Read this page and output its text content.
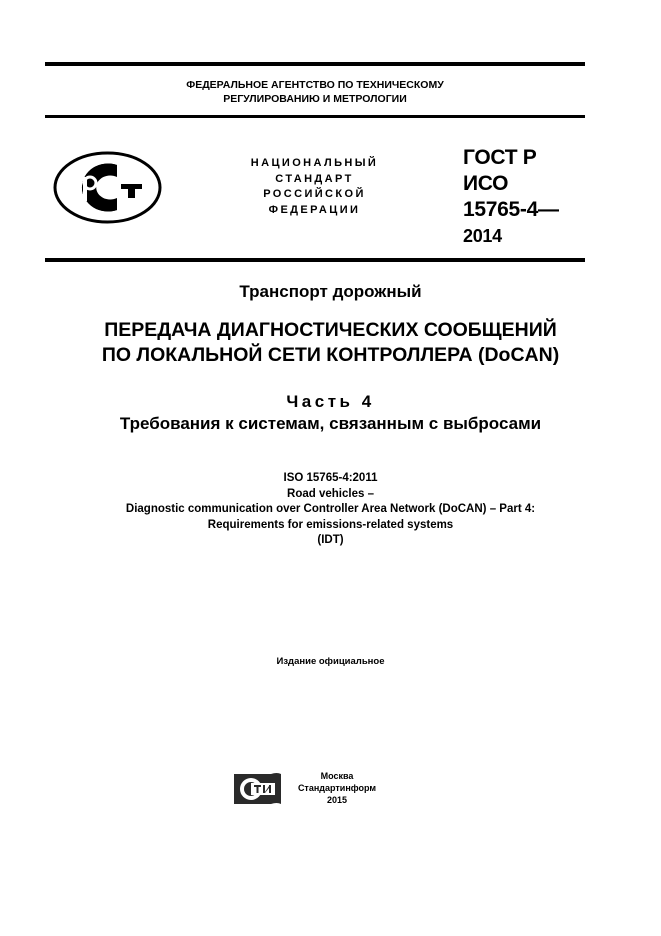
ФЕДЕРАЛЬНОЕ АГЕНТСТВО ПО ТЕХНИЧЕСКОМУ
РЕГУЛИРОВАНИЮ И МЕТРОЛОГИИ
НАЦИОНАЛЬНЫЙ
СТАНДАРТ
РОССИЙСКОЙ
ФЕДЕРАЦИИ
ГОСТ Р
ИСО
15765-4—
2014
Транспорт дорожный
ПЕРЕДАЧА ДИАГНОСТИЧЕСКИХ СООБЩЕНИЙ
ПО ЛОКАЛЬНОЙ СЕТИ КОНТРОЛЛЕРА (DoCAN)
Часть 4
Требования к системам, связанным с выбросами
ISO 15765-4:2011
Road vehicles –
Diagnostic communication over Controller Area Network (DoCAN) – Part 4:
Requirements for emissions-related systems
(IDT)
Издание официальное
Москва
Стандартинформ
2015
